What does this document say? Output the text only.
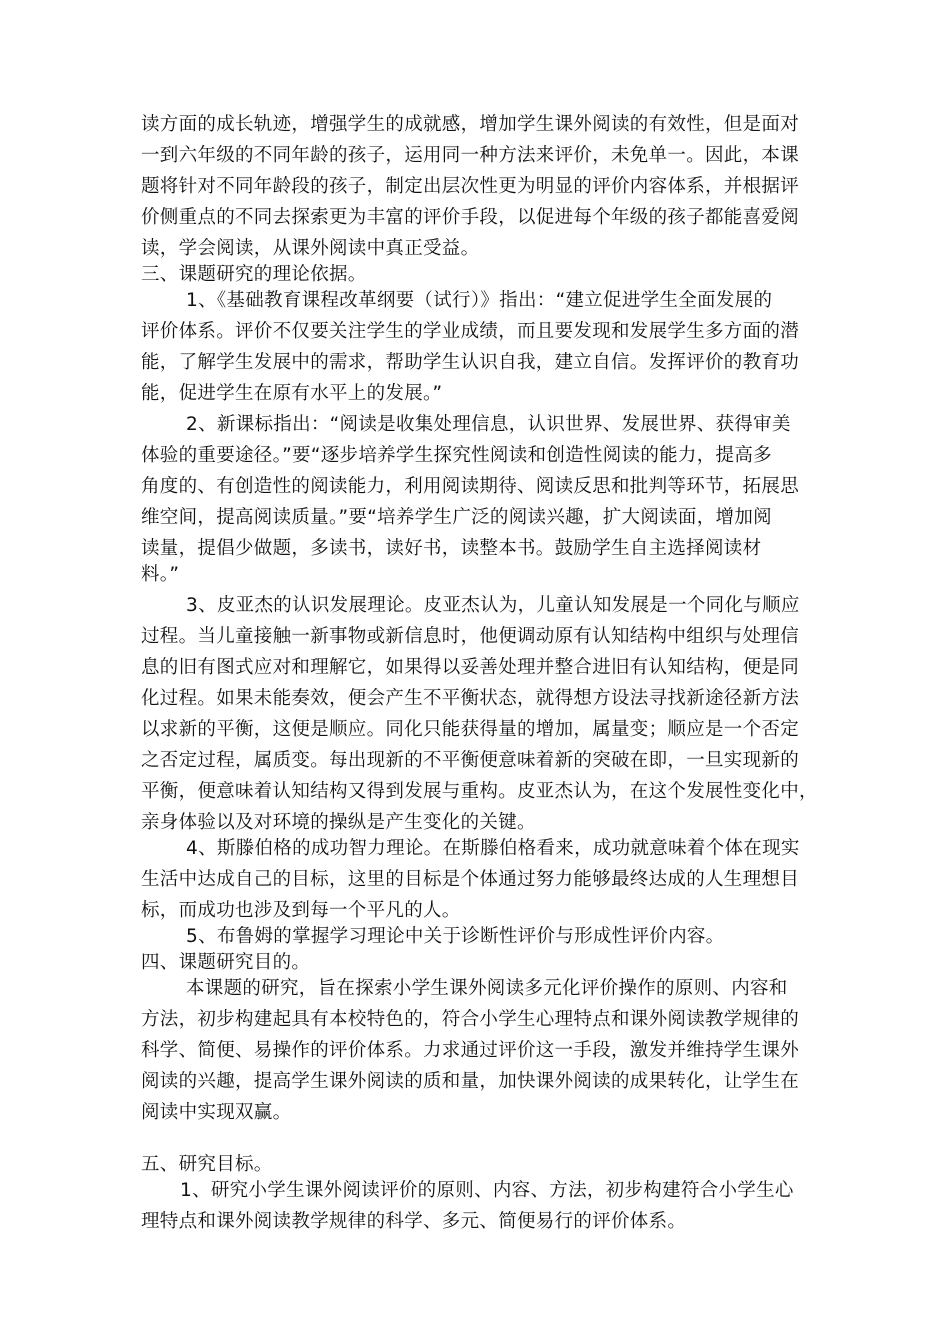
读方面的成长轨迹，增强学生的成就感，增加学生课外阅读的有效性，但是面对
一到六年级的不同年龄的孩子，运用同一种方法来评价，未免单一。因此，本课
题将针对不同年龄段的孩子，制定出层次性更为明显的评价内容体系，并根据评
价侧重点的不同去探索更为丰富的评价手段，以促进每个年级的孩子都能喜爱阅
读，学会阅读，从课外阅读中真正受益。
三、课题研究的理论依据。
1、《基础教育课程改革纲要（试行）》指出：“建立促进学生全面发展的
评价体系。评价不仅要关注学生的学业成绩，而且要发现和发展学生多方面的潜
能，了解学生发展中的需求，帮助学生认识自我，建立自信。发挥评价的教育功
能，促进学生在原有水平上的发展。”
2、新课标指出：“阅读是收集处理信息，认识世界、发展世界、获得审美
体验的重要途径。”要“逐步培养学生探究性阅读和创造性阅读的能力，提高多
角度的、有创造性的阅读能力，利用阅读期待、阅读反思和批判等环节，拓展思
维空间，提高阅读质量。”要“培养学生广泛的阅读兴趣，扩大阅读面，增加阅
读量，提倡少做题，多读书，读好书，读整本书。鼓励学生自主选择阅读材
料。”
3、皮亚杰的认识发展理论。皮亚杰认为，儿童认知发展是一个同化与顺应
过程。当儿童接触一新事物或新信息时，他便调动原有认知结构中组织与处理信
息的旧有图式应对和理解它，如果得以妥善处理并整合进旧有认知结构，便是同
化过程。如果未能奏效，便会产生不平衡状态，就得想方设法寻找新途径新方法
以求新的平衡，这便是顺应。同化只能获得量的增加，属量变；顺应是一个否定
之否定过程，属质变。每出现新的不平衡便意味着新的突破在即，一旦实现新的
平衡，便意味着认知结构又得到发展与重构。皮亚杰认为，在这个发展性变化中，
亲身体验以及对环境的操纵是产生变化的关键。
4、斯滕伯格的成功智力理论。在斯滕伯格看来，成功就意味着个体在现实
生活中达成自己的目标，这里的目标是个体通过努力能够最终达成的人生理想目
标，而成功也涉及到每一个平凡的人。
5、布鲁姆的掌握学习理论中关于诊断性评价与形成性评价内容。
四、课题研究目的。
本课题的研究，旨在探索小学生课外阅读多元化评价操作的原则、内容和
方法，初步构建起具有本校特色的，符合小学生心理特点和课外阅读教学规律的
科学、简便、易操作的评价体系。力求通过评价这一手段，激发并维持学生课外
阅读的兴趣，提高学生课外阅读的质和量，加快课外阅读的成果转化，让学生在
阅读中实现双赢。
五、研究目标。
1、研究小学生课外阅读评价的原则、内容、方法，初步构建符合小学生心
理特点和课外阅读教学规律的科学、多元、简便易行的评价体系。
